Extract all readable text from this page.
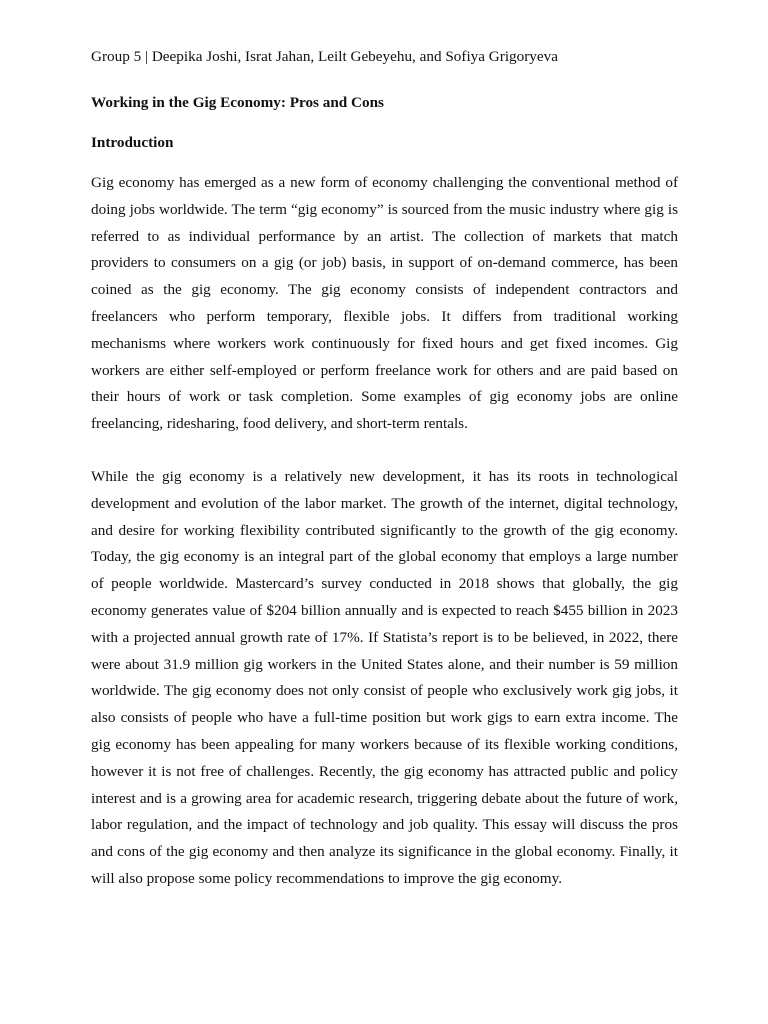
Group 5 | Deepika Joshi, Israt Jahan, Leilt Gebeyehu, and Sofiya Grigoryeva

Working in the Gig Economy: Pros and Cons

Introduction

Gig economy has emerged as a new form of economy challenging the conventional method of doing jobs worldwide. The term “gig economy” is sourced from the music industry where gig is referred to as individual performance by an artist. The collection of markets that match providers to consumers on a gig (or job) basis, in support of on-demand commerce, has been coined as the gig economy. The gig economy consists of independent contractors and freelancers who perform temporary, flexible jobs. It differs from traditional working mechanisms where workers work continuously for fixed hours and get fixed incomes. Gig workers are either self-employed or perform freelance work for others and are paid based on their hours of work or task completion. Some examples of gig economy jobs are online freelancing, ridesharing, food delivery, and short-term rentals.

While the gig economy is a relatively new development, it has its roots in technological development and evolution of the labor market. The growth of the internet, digital technology, and desire for working flexibility contributed significantly to the growth of the gig economy. Today, the gig economy is an integral part of the global economy that employs a large number of people worldwide. Mastercard’s survey conducted in 2018 shows that globally, the gig economy generates value of $204 billion annually and is expected to reach $455 billion in 2023 with a projected annual growth rate of 17%. If Statista’s report is to be believed, in 2022, there were about 31.9 million gig workers in the United States alone, and their number is 59 million worldwide. The gig economy does not only consist of people who exclusively work gig jobs, it also consists of people who have a full-time position but work gigs to earn extra income. The gig economy has been appealing for many workers because of its flexible working conditions, however it is not free of challenges. Recently, the gig economy has attracted public and policy interest and is a growing area for academic research, triggering debate about the future of work, labor regulation, and the impact of technology and job quality. This essay will discuss the pros and cons of the gig economy and then analyze its significance in the global economy. Finally, it will also propose some policy recommendations to improve the gig economy.
